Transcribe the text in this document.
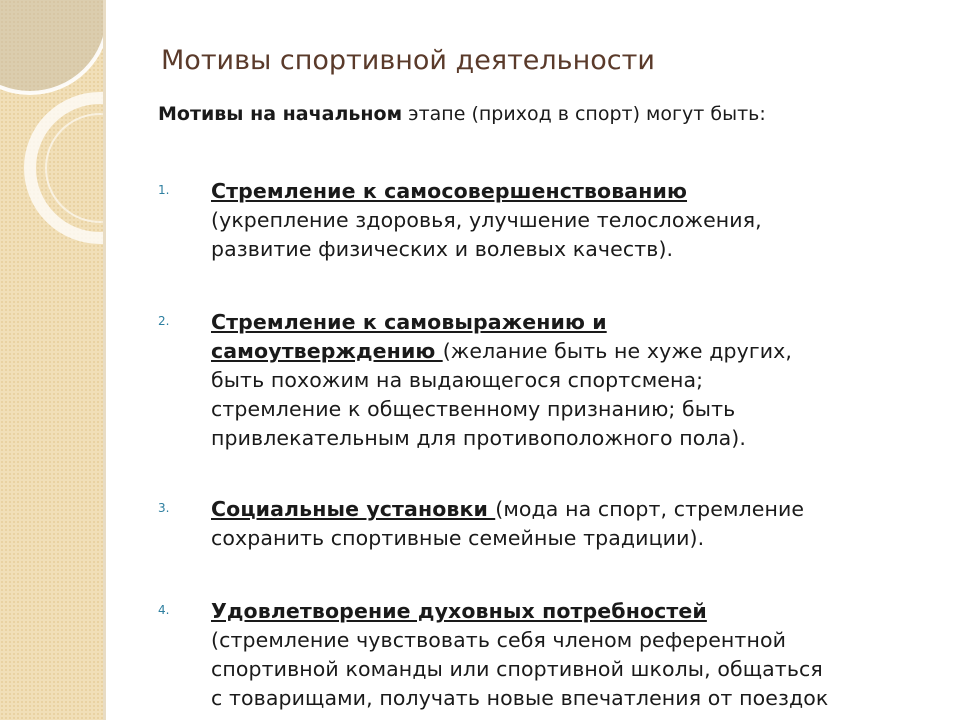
Мотивы спортивной деятельности
Мотивы на начальном этапе (приход в спорт) могут быть:
1. Стремление к самосовершенствованию
(укрепление здоровья, улучшение телосложения,
развитие физических и волевых качеств).
2. Стремление к самовыражению и
самоутверждению (желание быть не хуже других,
быть похожим на выдающегося спортсмена;
стремление к общественному признанию; быть
привлекательным для противоположного пола).
3. Социальные установки (мода на спорт, стремление
сохранить спортивные семейные традиции).
4. Удовлетворение духовных потребностей
(стремление чувствовать себя членом референтной
спортивной команды или спортивной школы, общаться
с товарищами, получать новые впечатления от поездок
